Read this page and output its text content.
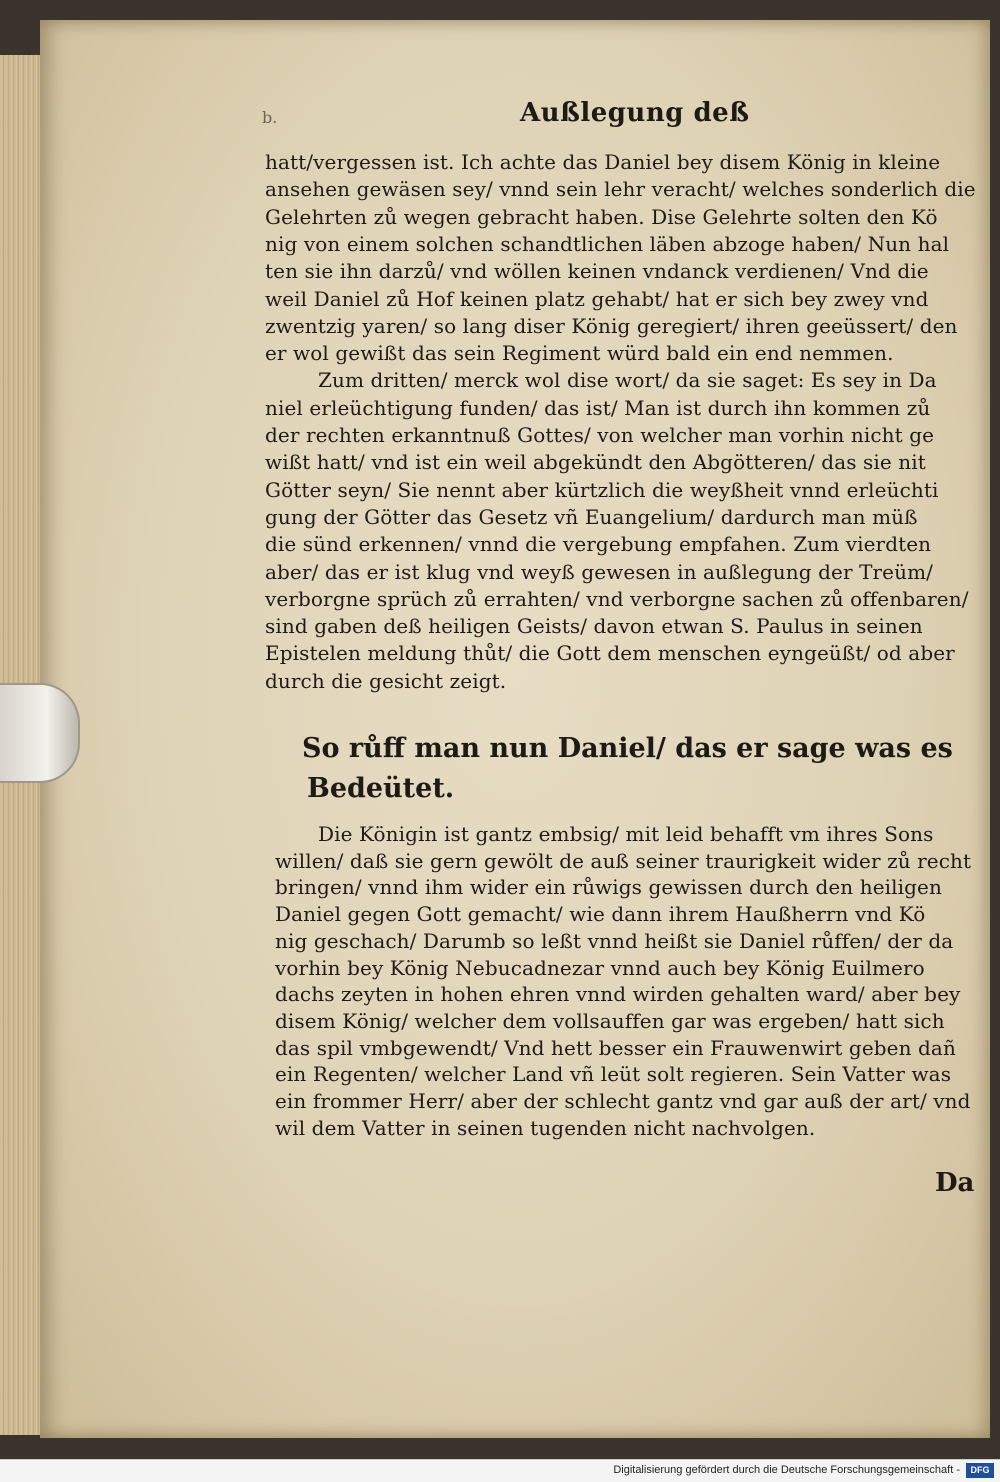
b.	Außlegung deß
hatt/vergessen ist. Ich achte das Daniel bey disem König in kleine
ansehen gewäsen sey/ vnnd sein lehr veracht/ welches sonderlich die
Gelehrten zů wegen gebracht haben. Dise Gelehrte solten den Kö
nig von einem solchen schandtlichen läben abzoge haben/ Nun hal
ten sie ihn darzů/ vnd wöllen keinen vndanck verdienen/ Vnd die
weil Daniel zů Hof keinen platz gehabt/ hat er sich bey zwey vnd
zwentzig yaren/ so lang diser König geregiert/ ihren geeüssert/ den
er wol gewißt das sein Regiment würd bald ein end nemmen.
Zum dritten/ merck wol dise wort/ da sie saget: Es sey in Da
niel erleüchtigung funden/ das ist/ Man ist durch ihn kommen zů
der rechten erkanntnuß Gottes/ von welcher man vorhin nicht ge
wißt hatt/ vnd ist ein weil abgekündt den Abgötteren/ das sie nit
Götter seyn/ Sie nennt aber kürtzlich die weyßheit vnnd erleüchti
gung der Götter das Gesetz vñ Euangelium/ dardurch man müß
die sünd erkennen/ vnnd die vergebung empfahen. Zum vierdten
aber/ das er ist klug vnd weyß gewesen in außlegung der Treüm/
verborgne sprüch zů errahten/ vnd verborgne sachen zů offenbaren/
sind gaben deß heiligen Geists/ davon etwan S. Paulus in seinen
Epistelen meldung thůt/ die Gott dem menschen eyngeüßt/ od aber
durch die gesicht zeigt.
So růff man nun Daniel/ das er sage was es
Bedeütet.
Die Königin ist gantz embsig/ mit leid behafft vm ihres Sons
willen/ daß sie gern gewölt de auß seiner traurigkeit wider zů recht
bringen/ vnnd ihm wider ein růwigs gewissen durch den heiligen
Daniel gegen Gott gemacht/ wie dann ihrem Haußherrn vnd Kö
nig geschach/ Darumb so leßt vnnd heißt sie Daniel růffen/ der da
vorhin bey König Nebucadnezar vnnd auch bey König Euilmero
dachs zeyten in hohen ehren vnnd wirden gehalten ward/ aber bey
disem König/ welcher dem vollsauffen gar was ergeben/ hatt sich
das spil vmbgewendt/ Vnd hett besser ein Frauwenwirt geben dañ
ein Regenten/ welcher Land vñ leüt solt regieren. Sein Vatter was
ein frommer Herr/ aber der schlecht gantz vnd gar auß der art/ vnd
wil dem Vatter in seinen tugenden nicht nachvolgen.
Da
Digitalisierung gefördert durch die Deutsche Forschungsgemeinschaft -	DFG
